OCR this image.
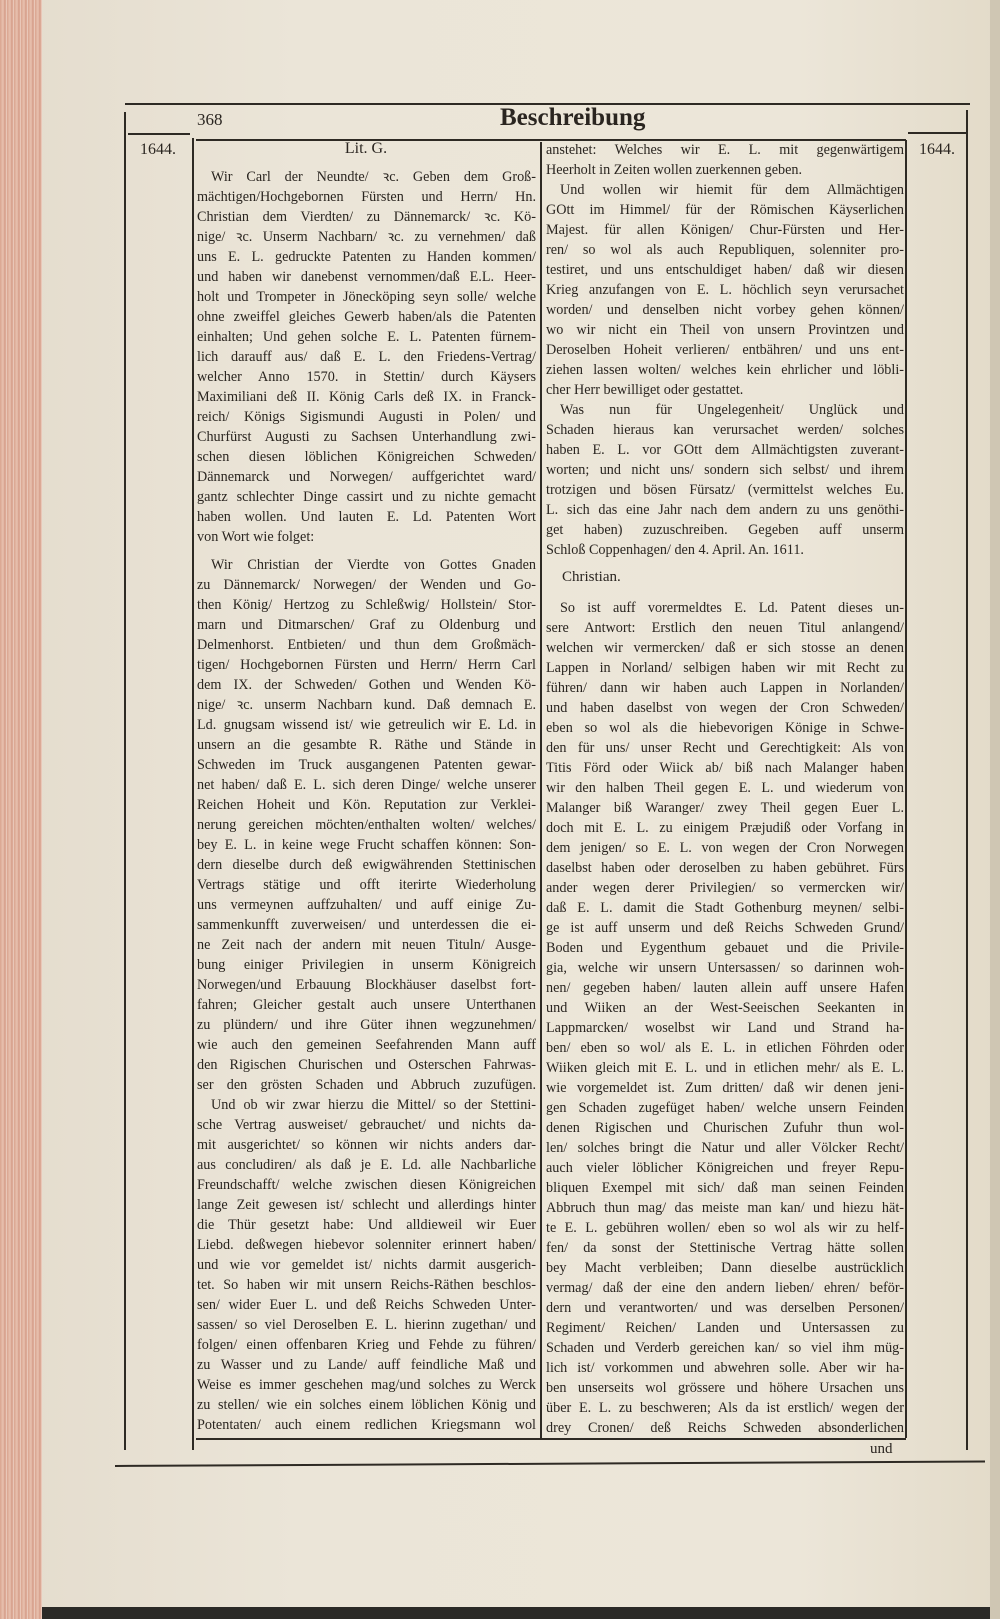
368	Beschreibung
1644.	1644.
Lit. G.
Wir Carl der Neundte/ ꝛc. Geben dem Groß-
mächtigen/Hochgebornen Fürsten und Herrn/ Hn.
Christian dem Vierdten/ zu Dännemarck/ ꝛc. Kö-
nige/ ꝛc. Unserm Nachbarn/ ꝛc. zu vernehmen/ daß
uns E. L. gedruckte Patenten zu Handen kommen/
und haben wir danebenst vernommen/daß E.L. Heer-
holt und Trompeter in Jönecköping seyn solle/ welche
ohne zweiffel gleiches Gewerb haben/als die Patenten
einhalten; Und gehen solche E. L. Patenten fürnem-
lich darauff aus/ daß E. L. den Friedens-Vertrag/
welcher Anno 1570. in Stettin/ durch Käysers
Maximiliani deß II. König Carls deß IX. in Franck-
reich/ Königs Sigismundi Augusti in Polen/ und
Churfürst Augusti zu Sachsen Unterhandlung zwi-
schen diesen löblichen Königreichen Schweden/
Dännemarck und Norwegen/ auffgerichtet ward/
gantz schlechter Dinge cassirt und zu nichte gemacht
haben wollen. Und lauten E. Ld. Patenten Wort
von Wort wie folget:
Wir Christian der Vierdte von Gottes Gnaden
zu Dännemarck/ Norwegen/ der Wenden und Go-
then König/ Hertzog zu Schleßwig/ Hollstein/ Stor-
marn und Ditmarschen/ Graf zu Oldenburg und
Delmenhorst. Entbieten/ und thun dem Großmäch-
tigen/ Hochgebornen Fürsten und Herrn/ Herrn Carl
dem IX. der Schweden/ Gothen und Wenden Kö-
nige/ ꝛc. unserm Nachbarn kund. Daß demnach E.
Ld. gnugsam wissend ist/ wie getreulich wir E. Ld. in
unsern an die gesambte R. Räthe und Stände in
Schweden im Truck ausgangenen Patenten gewar-
net haben/ daß E. L. sich deren Dinge/ welche unserer
Reichen Hoheit und Kön. Reputation zur Verklei-
nerung gereichen möchten/enthalten wolten/ welches/
bey E. L. in keine wege Frucht schaffen können: Son-
dern dieselbe durch deß ewigwährenden Stettinischen
Vertrags stätige und offt iterirte Wiederholung
uns vermeynen auffzuhalten/ und auff einige Zu-
sammenkunfft zuverweisen/ und unterdessen die ei-
ne Zeit nach der andern mit neuen Tituln/ Ausge-
bung einiger Privilegien in unserm Königreich
Norwegen/und Erbauung Blockhäuser daselbst fort-
fahren; Gleicher gestalt auch unsere Unterthanen
zu plündern/ und ihre Güter ihnen wegzunehmen/
wie auch den gemeinen Seefahrenden Mann auff
den Rigischen Churischen und Osterschen Fahrwas-
ser den grösten Schaden und Abbruch zuzufügen.
Und ob wir zwar hierzu die Mittel/ so der Stettini-
sche Vertrag ausweiset/ gebrauchet/ und nichts da-
mit ausgerichtet/ so können wir nichts anders dar-
aus concludiren/ als daß je E. Ld. alle Nachbarliche
Freundschafft/ welche zwischen diesen Königreichen
lange Zeit gewesen ist/ schlecht und allerdings hinter
die Thür gesetzt habe: Und alldieweil wir Euer
Liebd. deßwegen hiebevor solenniter erinnert haben/
und wie vor gemeldet ist/ nichts darmit ausgerich-
tet. So haben wir mit unsern Reichs-Räthen beschlos-
sen/ wider Euer L. und deß Reichs Schweden Unter-
sassen/ so viel Deroselben E. L. hierinn zugethan/ und
folgen/ einen offenbaren Krieg und Fehde zu führen/
zu Wasser und zu Lande/ auff feindliche Maß und
Weise es immer geschehen mag/und solches zu Werck
zu stellen/ wie ein solches einem löblichen König und
Potentaten/ auch einem redlichen Kriegsmann wol
anstehet: Welches wir E. L. mit gegenwärtigem
Heerholt in Zeiten wollen zuerkennen geben.
Und wollen wir hiemit für dem Allmächtigen
GOtt im Himmel/ für der Römischen Käyserlichen
Majest. für allen Königen/ Chur-Fürsten und Her-
ren/ so wol als auch Republiquen, solenniter pro-
testiret, und uns entschuldiget haben/ daß wir diesen
Krieg anzufangen von E. L. höchlich seyn verursachet
worden/ und denselben nicht vorbey gehen können/
wo wir nicht ein Theil von unsern Provintzen und
Deroselben Hoheit verlieren/ entbähren/ und uns ent-
ziehen lassen wolten/ welches kein ehrlicher und löbli-
cher Herr bewilliget oder gestattet.
Was nun für Ungelegenheit/ Unglück und
Schaden hieraus kan verursachet werden/ solches
haben E. L. vor GOtt dem Allmächtigsten zuverant-
worten; und nicht uns/ sondern sich selbst/ und ihrem
trotzigen und bösen Fürsatz/ (vermittelst welches Eu.
L. sich das eine Jahr nach dem andern zu uns genöthi-
get haben) zuzuschreiben. Gegeben auff unserm
Schloß Coppenhagen/ den 4. April. An. 1611.
Christian.
So ist auff vorermeldtes E. Ld. Patent dieses un-
sere Antwort: Erstlich den neuen Titul anlangend/
welchen wir vermercken/ daß er sich stosse an denen
Lappen in Norland/ selbigen haben wir mit Recht zu
führen/ dann wir haben auch Lappen in Norlanden/
und haben daselbst von wegen der Cron Schweden/
eben so wol als die hiebevorigen Könige in Schwe-
den für uns/ unser Recht und Gerechtigkeit: Als von
Titis Förd oder Wiick ab/ biß nach Malanger haben
wir den halben Theil gegen E. L. und wiederum von
Malanger biß Waranger/ zwey Theil gegen Euer L.
doch mit E. L. zu einigem Præjudiß oder Vorfang in
dem jenigen/ so E. L. von wegen der Cron Norwegen
daselbst haben oder deroselben zu haben gebühret. Fürs
ander wegen derer Privilegien/ so vermercken wir/
daß E. L. damit die Stadt Gothenburg meynen/ selbi-
ge ist auff unserm und deß Reichs Schweden Grund/
Boden und Eygenthum gebauet und die Privile-
gia, welche wir unsern Untersassen/ so darinnen woh-
nen/ gegeben haben/ lauten allein auff unsere Hafen
und Wiiken an der West-Seeischen Seekanten in
Lappmarcken/ woselbst wir Land und Strand ha-
ben/ eben so wol/ als E. L. in etlichen Föhrden oder
Wiiken gleich mit E. L. und in etlichen mehr/ als E. L.
wie vorgemeldet ist. Zum dritten/ daß wir denen jeni-
gen Schaden zugefüget haben/ welche unsern Feinden
denen Rigischen und Churischen Zufuhr thun wol-
len/ solches bringt die Natur und aller Völcker Recht/
auch vieler löblicher Königreichen und freyer Repu-
bliquen Exempel mit sich/ daß man seinen Feinden
Abbruch thun mag/ das meiste man kan/ und hiezu hät-
te E. L. gebühren wollen/ eben so wol als wir zu helf-
fen/ da sonst der Stettinische Vertrag hätte sollen
bey Macht verbleiben; Dann dieselbe austrücklich
vermag/ daß der eine den andern lieben/ ehren/ beför-
dern und verantworten/ und was derselben Personen/
Regiment/ Reichen/ Landen und Untersassen zu
Schaden und Verderb gereichen kan/ so viel ihm müg-
lich ist/ vorkommen und abwehren solle. Aber wir ha-
ben unserseits wol grössere und höhere Ursachen uns
über E. L. zu beschweren; Als da ist erstlich/ wegen der
drey Cronen/ deß Reichs Schweden absonderlichen
und
